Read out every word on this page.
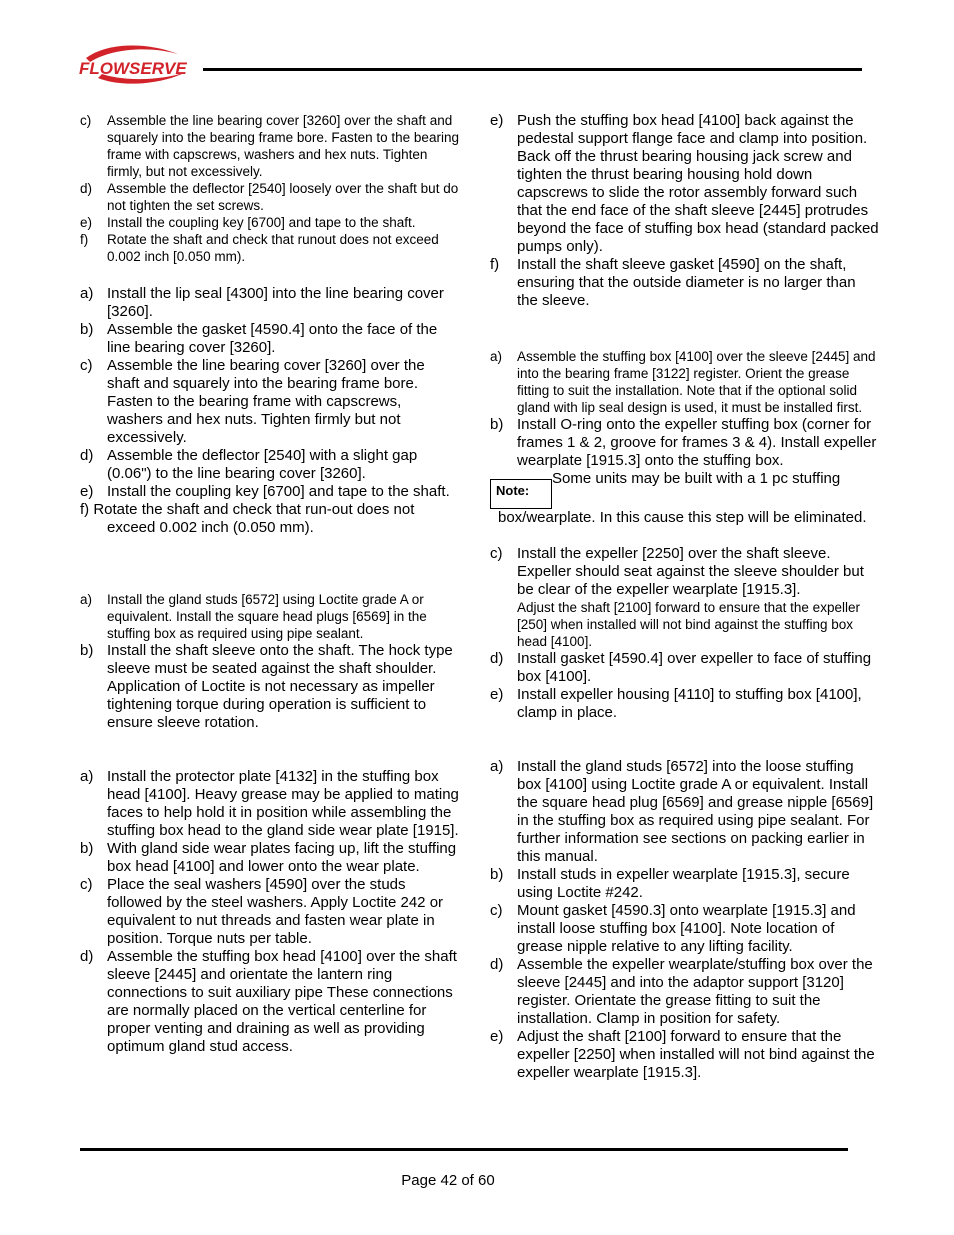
FLOWSERVE

c) Assemble the line bearing cover [3260] over the shaft and squarely into the bearing frame bore. Fasten to the bearing frame with capscrews, washers and hex nuts. Tighten firmly, but not excessively.

d) Assemble the deflector [2540] loosely over the shaft but do not tighten the set screws.

e) Install the coupling key [6700] and tape to the shaft.

f) Rotate the shaft and check that runout does not exceed 0.002 inch [0.050 mm).

a) Install the lip seal [4300] into the line bearing cover [3260].

b) Assemble the gasket [4590.4] onto the face of the line bearing cover [3260].

c) Assemble the line bearing cover [3260] over the shaft and squarely into the bearing frame bore. Fasten to the bearing frame with capscrews, washers and hex nuts. Tighten firmly but not excessively.

d) Assemble the deflector [2540] with a slight gap (0.06") to the line bearing cover [3260].

e) Install the coupling key [6700] and tape to the shaft.

f) Rotate the shaft and check that run-out does not exceed 0.002 inch (0.050 mm).

a) Install the gland studs [6572] using Loctite grade A or equivalent. Install the square head plugs [6569] in the stuffing box as required using pipe sealant.

b) Install the shaft sleeve onto the shaft. The hock type sleeve must be seated against the shaft shoulder. Application of Loctite is not necessary as impeller tightening torque during operation is sufficient to ensure sleeve rotation.

a) Install the protector plate [4132] in the stuffing box head [4100]. Heavy grease may be applied to mating faces to help hold it in position while assembling the stuffing box head to the gland side wear plate [1915].

b) With gland side wear plates facing up, lift the stuffing box head [4100] and lower onto the wear plate.

c) Place the seal washers [4590] over the studs followed by the steel washers. Apply Loctite 242 or equivalent to nut threads and fasten wear plate in position. Torque nuts per table.

d) Assemble the stuffing box head [4100] over the shaft sleeve [2445] and orientate the lantern ring connections to suit auxiliary pipe These connections are normally placed on the vertical centerline for proper venting and draining as well as providing optimum gland stud access.

e) Push the stuffing box head [4100] back against the pedestal support flange face and clamp into position. Back off the thrust bearing housing jack screw and tighten the thrust bearing housing hold down capscrews to slide the rotor assembly forward such that the end face of the shaft sleeve [2445] protrudes beyond the face of stuffing box head (standard packed pumps only).

f) Install the shaft sleeve gasket [4590] on the shaft, ensuring that the outside diameter is no larger than the sleeve.

a) Assemble the stuffing box [4100] over the sleeve [2445] and into the bearing frame [3122] register. Orient the grease fitting to suit the installation. Note that if the optional solid gland with lip seal design is used, it must be installed first.

b) Install O-ring onto the expeller stuffing box (corner for frames 1 & 2, groove for frames 3 & 4). Install expeller wearplate [1915.3] onto the stuffing box.

Note:Some units may be built with a 1 pc stuffing box/wearplate. In this cause this step will be eliminated.

c) Install the expeller [2250] over the shaft sleeve. Expeller should seat against the sleeve shoulder but be clear of the expeller wearplate [1915.3].

Adjust the shaft [2100] forward to ensure that the expeller [250] when installed will not bind against the stuffing box head [4100].

d) Install gasket [4590.4] over expeller to face of stuffing box [4100].

e) Install expeller housing [4110] to stuffing box [4100], clamp in place.

a) Install the gland studs [6572] into the loose stuffing box [4100] using Loctite grade A or equivalent. Install the square head plug [6569] and grease nipple [6569] in the stuffing box as required using pipe sealant. For further information see sections on packing earlier in this manual.

b) Install studs in expeller wearplate [1915.3], secure using Loctite #242.

c) Mount gasket [4590.3] onto wearplate [1915.3] and install loose stuffing box [4100]. Note location of grease nipple relative to any lifting facility.

d) Assemble the expeller wearplate/stuffing box over the sleeve [2445] and into the adaptor support [3120] register. Orientate the grease fitting to suit the installation. Clamp in position for safety.

e) Adjust the shaft [2100] forward to ensure that the expeller [2250] when installed will not bind against the expeller wearplate [1915.3].

Page 42 of 60
